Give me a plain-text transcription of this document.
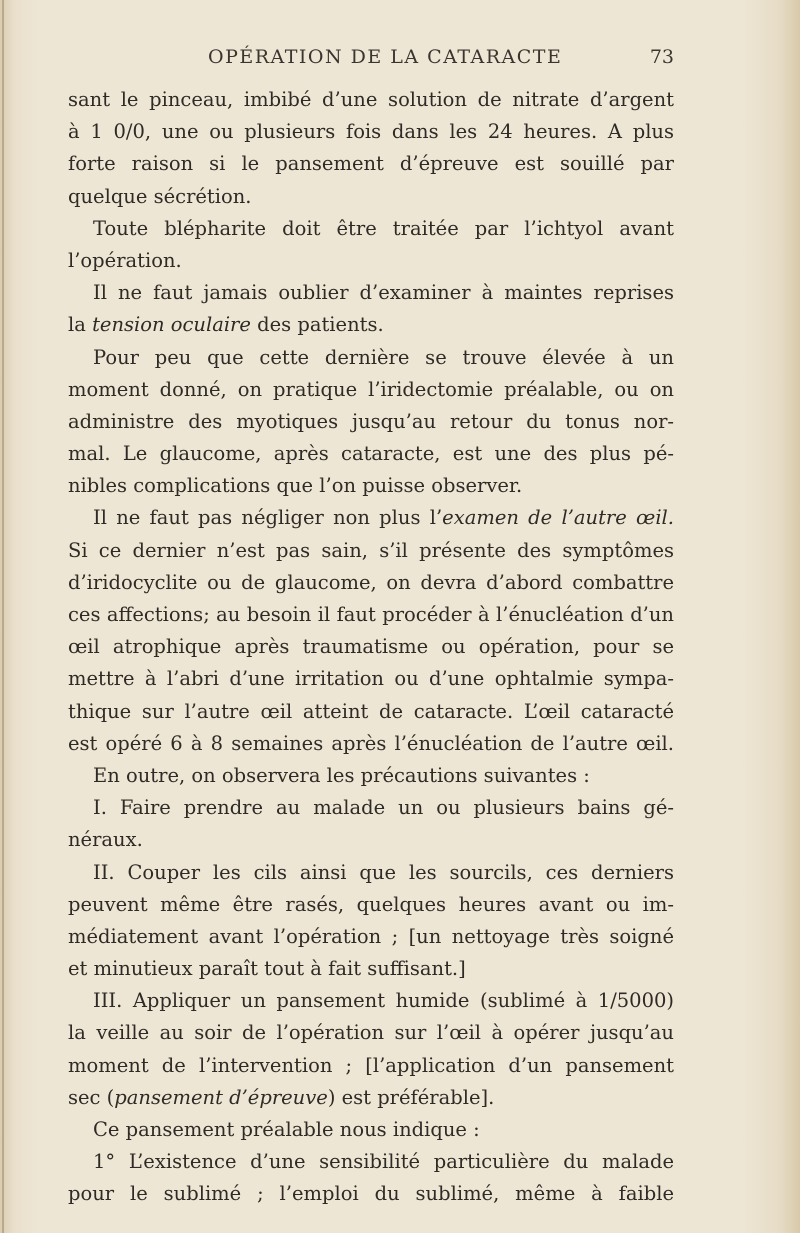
OPÉRATION DE LA CATARACTE	73
sant le pinceau, imbibé d’une solution de nitrate d’argent
à 1 0/0, une ou plusieurs fois dans les 24 heures. A plus
forte raison si le pansement d’épreuve est souillé par
quelque sécrétion.
Toute blépharite doit être traitée par l’ichtyol avant
l’opération.
Il ne faut jamais oublier d’examiner à maintes reprises
la tension oculaire des patients.
Pour peu que cette dernière se trouve élevée à un
moment donné, on pratique l’iridectomie préalable, ou on
administre des myotiques jusqu’au retour du tonus nor-
mal. Le glaucome, après cataracte, est une des plus pé-
nibles complications que l’on puisse observer.
Il ne faut pas négliger non plus l’examen de l’autre œil.
Si ce dernier n’est pas sain, s’il présente des symptômes
d’iridocyclite ou de glaucome, on devra d’abord combattre
ces affections; au besoin il faut procéder à l’énucléation d’un
œil atrophique après traumatisme ou opération, pour se
mettre à l’abri d’une irritation ou d’une ophtalmie sympa-
thique sur l’autre œil atteint de cataracte. L’œil cataracté
est opéré 6 à 8 semaines après l’énucléation de l’autre œil.
En outre, on observera les précautions suivantes :
I. Faire prendre au malade un ou plusieurs bains gé-
néraux.
II. Couper les cils ainsi que les sourcils, ces derniers
peuvent même être rasés, quelques heures avant ou im-
médiatement avant l’opération ; [un nettoyage très soigné
et minutieux paraît tout à fait suffisant.]
III. Appliquer un pansement humide (sublimé à 1/5000)
la veille au soir de l’opération sur l’œil à opérer jusqu’au
moment de l’intervention ; [l’application d’un pansement
sec (pansement d’épreuve) est préférable].
Ce pansement préalable nous indique :
1° L’existence d’une sensibilité particulière du malade
pour le sublimé ; l’emploi du sublimé, même à faible
